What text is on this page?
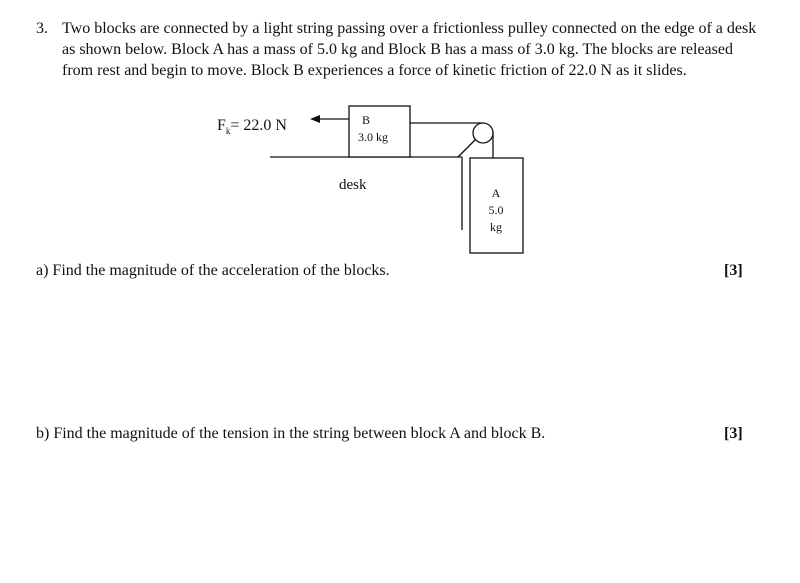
3. Two blocks are connected by a light string passing over a frictionless pulley connected on the edge of a desk as shown below. Block A has a mass of 5.0 kg and Block B has a mass of 3.0 kg. The blocks are released from rest and begin to move. Block B experiences a force of kinetic friction of 22.0 N as it slides.
B
3.0 kg
$F_k= 22.0$ N
desk	A
5.0
kg
a) Find the magnitude of the acceleration of the blocks.	[3]
b) Find the magnitude of the tension in the string between block A and block B.	[3]
